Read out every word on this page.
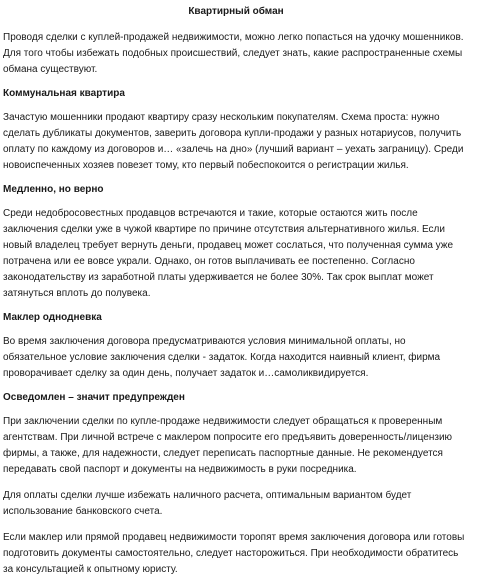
Квартирный обман

Проводя сделки с куплей-продажей недвижимости, можно легко попасться на удочку мошенников. Для того чтобы избежать подобных происшествий, следует знать, какие распространенные схемы обмана существуют.

Коммунальная квартира

Зачастую мошенники продают квартиру сразу нескольким покупателям. Схема проста: нужно сделать дубликаты документов, заверить договора купли-продажи у разных нотариусов, получить оплату по каждому из договоров и… «залечь на дно» (лучший вариант – уехать заграницу). Среди новоиспеченных хозяев повезет тому, кто первый побеспокоится о регистрации жилья.

Медленно, но верно

Среди недобросовестных продавцов встречаются и такие, которые остаются жить после заключения сделки уже в чужой квартире по причине отсутствия альтернативного жилья. Если новый владелец требует вернуть деньги, продавец может сослаться, что полученная сумма уже потрачена или ее вовсе украли. Однако, он готов выплачивать ее постепенно. Согласно законодательству из заработной платы удерживается не более 30%. Так срок выплат может затянуться вплоть до полувека.

Маклер однодневка

Во время заключения договора предусматриваются условия минимальной оплаты, но обязательное условие заключения сделки - задаток. Когда находится наивный клиент, фирма проворачивает сделку за один день, получает задаток и…самоликвидируется.

Осведомлен – значит предупрежден

При заключении сделки по купле-продаже недвижимости следует обращаться к проверенным агентствам. При личной встрече с маклером попросите его предъявить доверенность/лицензию фирмы, а также, для надежности, следует переписать паспортные данные. Не рекомендуется передавать свой паспорт и документы на недвижимость в руки посредника.

Для оплаты сделки лучше избежать наличного расчета, оптимальным вариантом будет использование банковского счета.

Если маклер или прямой продавец недвижимости торопят время заключения договора или готовы подготовить документы самостоятельно, следует насторожиться. При необходимости обратитесь за консультацией к опытному юристу.
